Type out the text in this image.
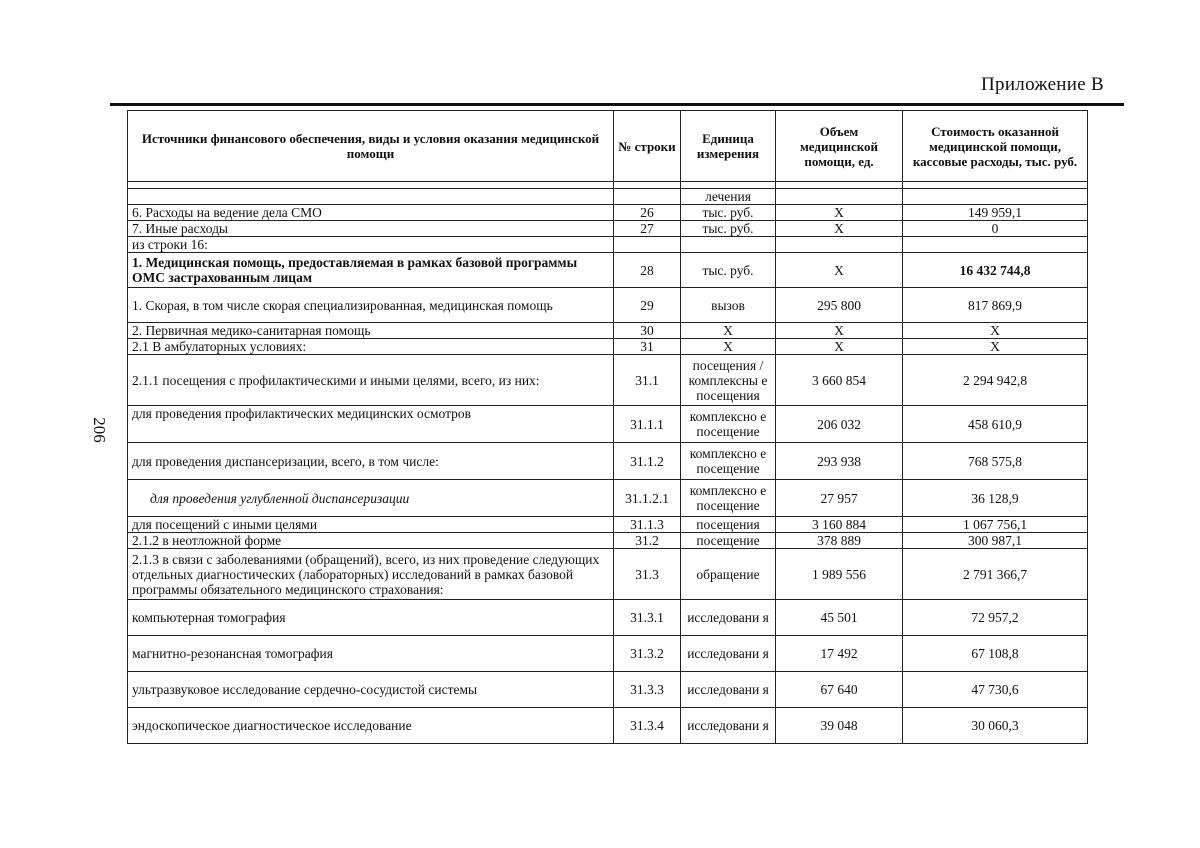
Приложение В
206
Источники финансового обеспечения, виды и условия оказания медицинской помощи	№ строки	Единица измерения	Объем медицинской помощи, ед.	Стоимость оказанной медицинской помощи, кассовые расходы, тыс. руб.

		лечения		
6. Расходы на ведение дела СМО	26	тыс. руб.	X	149 959,1
7. Иные расходы	27	тыс. руб.	X	0
из строки 16:				
1. Медицинская помощь, предоставляемая в рамках базовой программы ОМС застрахованным лицам	28	тыс. руб.	X	16 432 744,8
1. Скорая, в том числе скорая специализированная, медицинская помощь	29	вызов	295 800	817 869,9
2. Первичная медико-санитарная помощь	30	X	X	X
2.1 В амбулаторных условиях:	31	X	X	X
2.1.1 посещения с профилактическими и иными целями, всего, из них:	31.1	посещения / комплексны е посещения	3 660 854	2 294 942,8
для проведения профилактических медицинских осмотров	31.1.1	комплексно е посещение	206 032	458 610,9
для проведения диспансеризации, всего, в том числе:	31.1.2	комплексно е посещение	293 938	768 575,8
для проведения углубленной диспансеризации	31.1.2.1	комплексно е посещение	27 957	36 128,9
для посещений с иными целями	31.1.3	посещения	3 160 884	1 067 756,1
2.1.2 в неотложной форме	31.2	посещение	378 889	300 987,1
2.1.3 в связи с заболеваниями (обращений), всего, из них проведение следующих отдельных диагностических (лабораторных) исследований в рамках базовой программы обязательного медицинского страхования:	31.3	обращение	1 989 556	2 791 366,7
компьютерная томография	31.3.1	исследовани я	45 501	72 957,2
магнитно-резонансная томография	31.3.2	исследовани я	17 492	67 108,8
ультразвуковое исследование сердечно-сосудистой системы	31.3.3	исследовани я	67 640	47 730,6
эндоскопическое диагностическое исследование	31.3.4	исследовани я	39 048	30 060,3
